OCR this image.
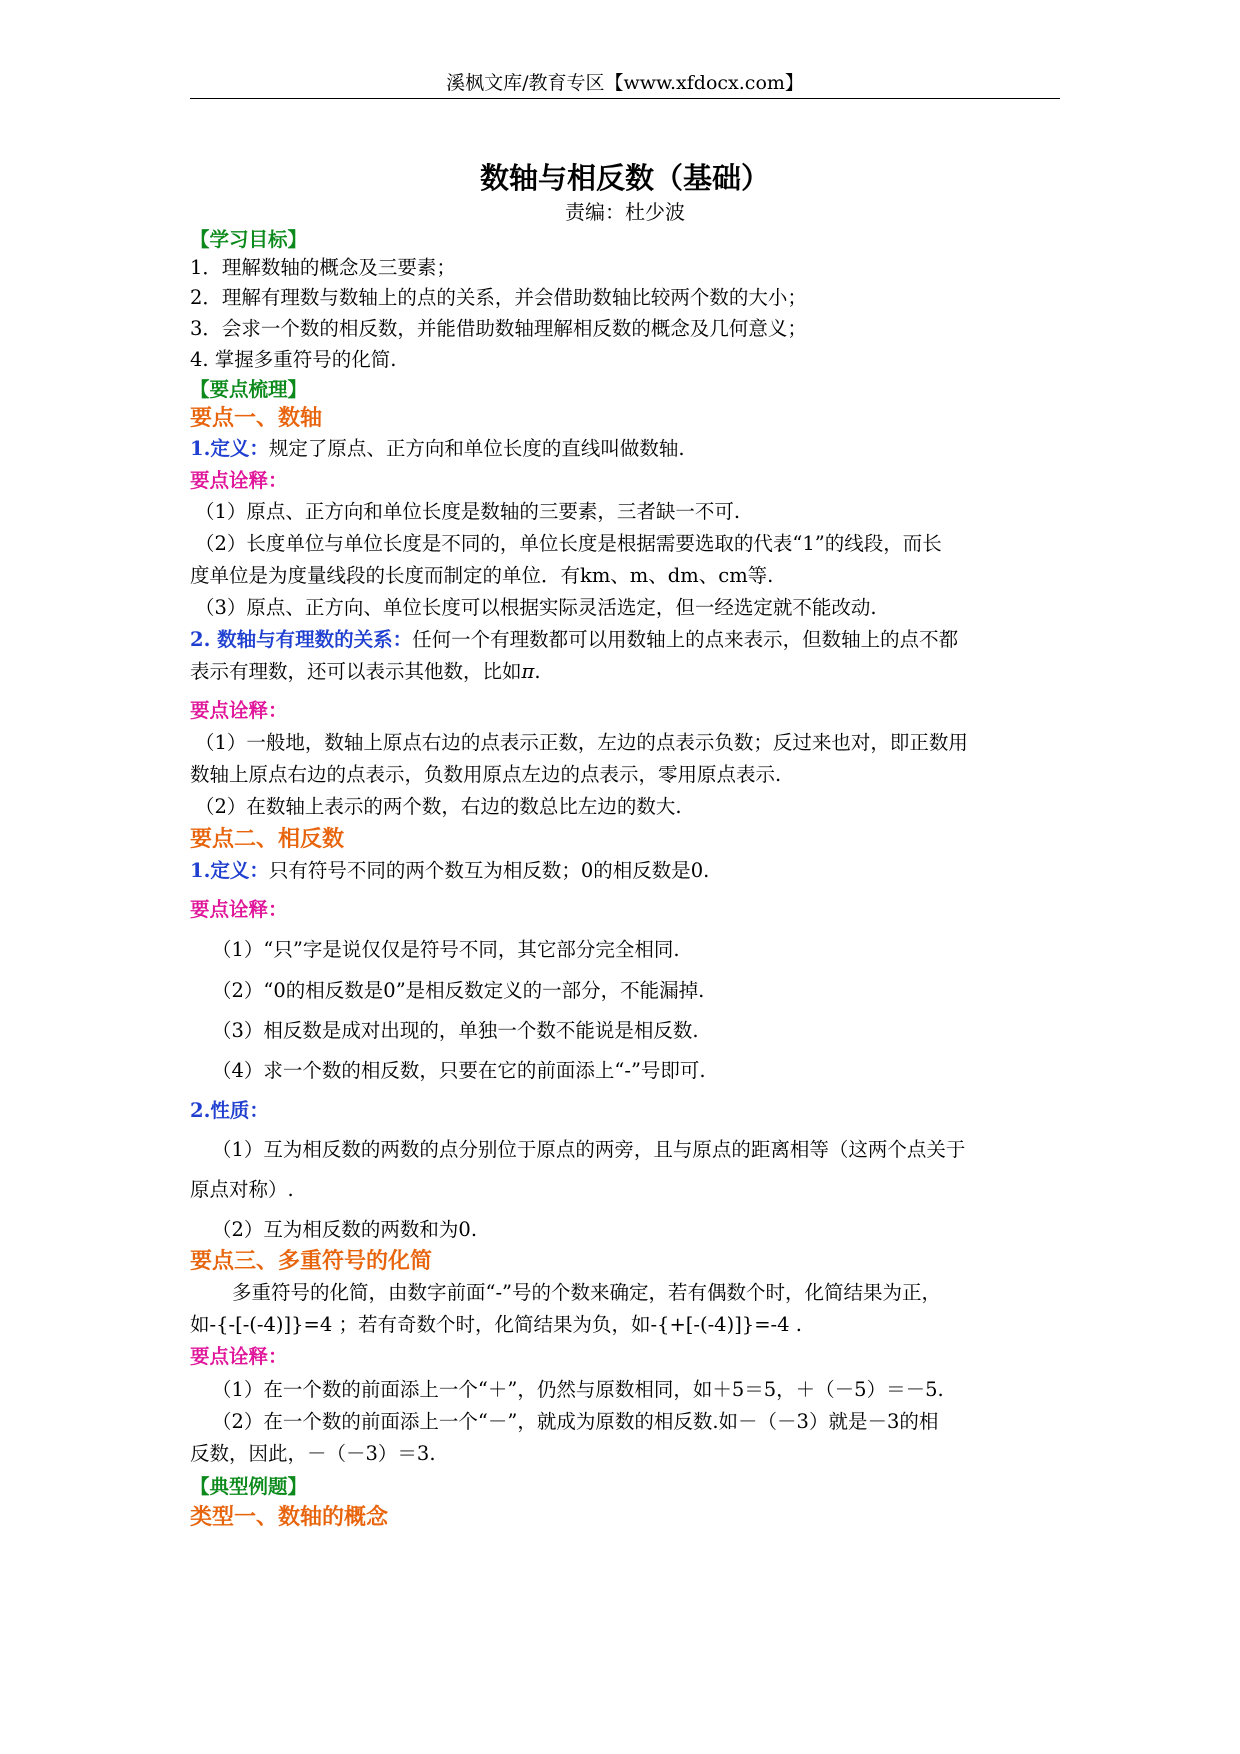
溪枫文库/教育专区【www.xfdocx.com】
数轴与相反数（基础）
责编：杜少波
【学习目标】
1．理解数轴的概念及三要素；
2．理解有理数与数轴上的点的关系，并会借助数轴比较两个数的大小；
3．会求一个数的相反数，并能借助数轴理解相反数的概念及几何意义；
4. 掌握多重符号的化简.
【要点梳理】
要点一、数轴
1.定义：规定了原点、正方向和单位长度的直线叫做数轴.
要点诠释：
（1）原点、正方向和单位长度是数轴的三要素，三者缺一不可.
（2）长度单位与单位长度是不同的，单位长度是根据需要选取的代表“1”的线段，而长
度单位是为度量线段的长度而制定的单位．有km、m、dm、cm等.
（3）原点、正方向、单位长度可以根据实际灵活选定，但一经选定就不能改动.
2. 数轴与有理数的关系：任何一个有理数都可以用数轴上的点来表示，但数轴上的点不都
表示有理数，还可以表示其他数，比如π.
要点诠释：
（1）一般地，数轴上原点右边的点表示正数，左边的点表示负数；反过来也对，即正数用
数轴上原点右边的点表示，负数用原点左边的点表示，零用原点表示.
（2）在数轴上表示的两个数，右边的数总比左边的数大.
要点二、相反数
1.定义：只有符号不同的两个数互为相反数；0的相反数是0.
要点诠释：
（1）“只”字是说仅仅是符号不同，其它部分完全相同.
（2）“0的相反数是0”是相反数定义的一部分，不能漏掉.
（3）相反数是成对出现的，单独一个数不能说是相反数.
（4）求一个数的相反数，只要在它的前面添上“-”号即可.
2.性质：
（1）互为相反数的两数的点分别位于原点的两旁，且与原点的距离相等（这两个点关于
原点对称）.
（2）互为相反数的两数和为0.
要点三、多重符号的化简
多重符号的化简，由数字前面“-”号的个数来确定，若有偶数个时，化简结果为正，
如-{-[-(-4)]}=4 ；若有奇数个时，化简结果为负，如-{+[-(-4)]}=-4 .
要点诠释：
（1）在一个数的前面添上一个“＋”，仍然与原数相同，如＋5＝5，＋（－5）＝－5.
（2）在一个数的前面添上一个“－”，就成为原数的相反数.如－（－3）就是－3的相
反数，因此，－（－3）＝3.
【典型例题】
类型一、数轴的概念
